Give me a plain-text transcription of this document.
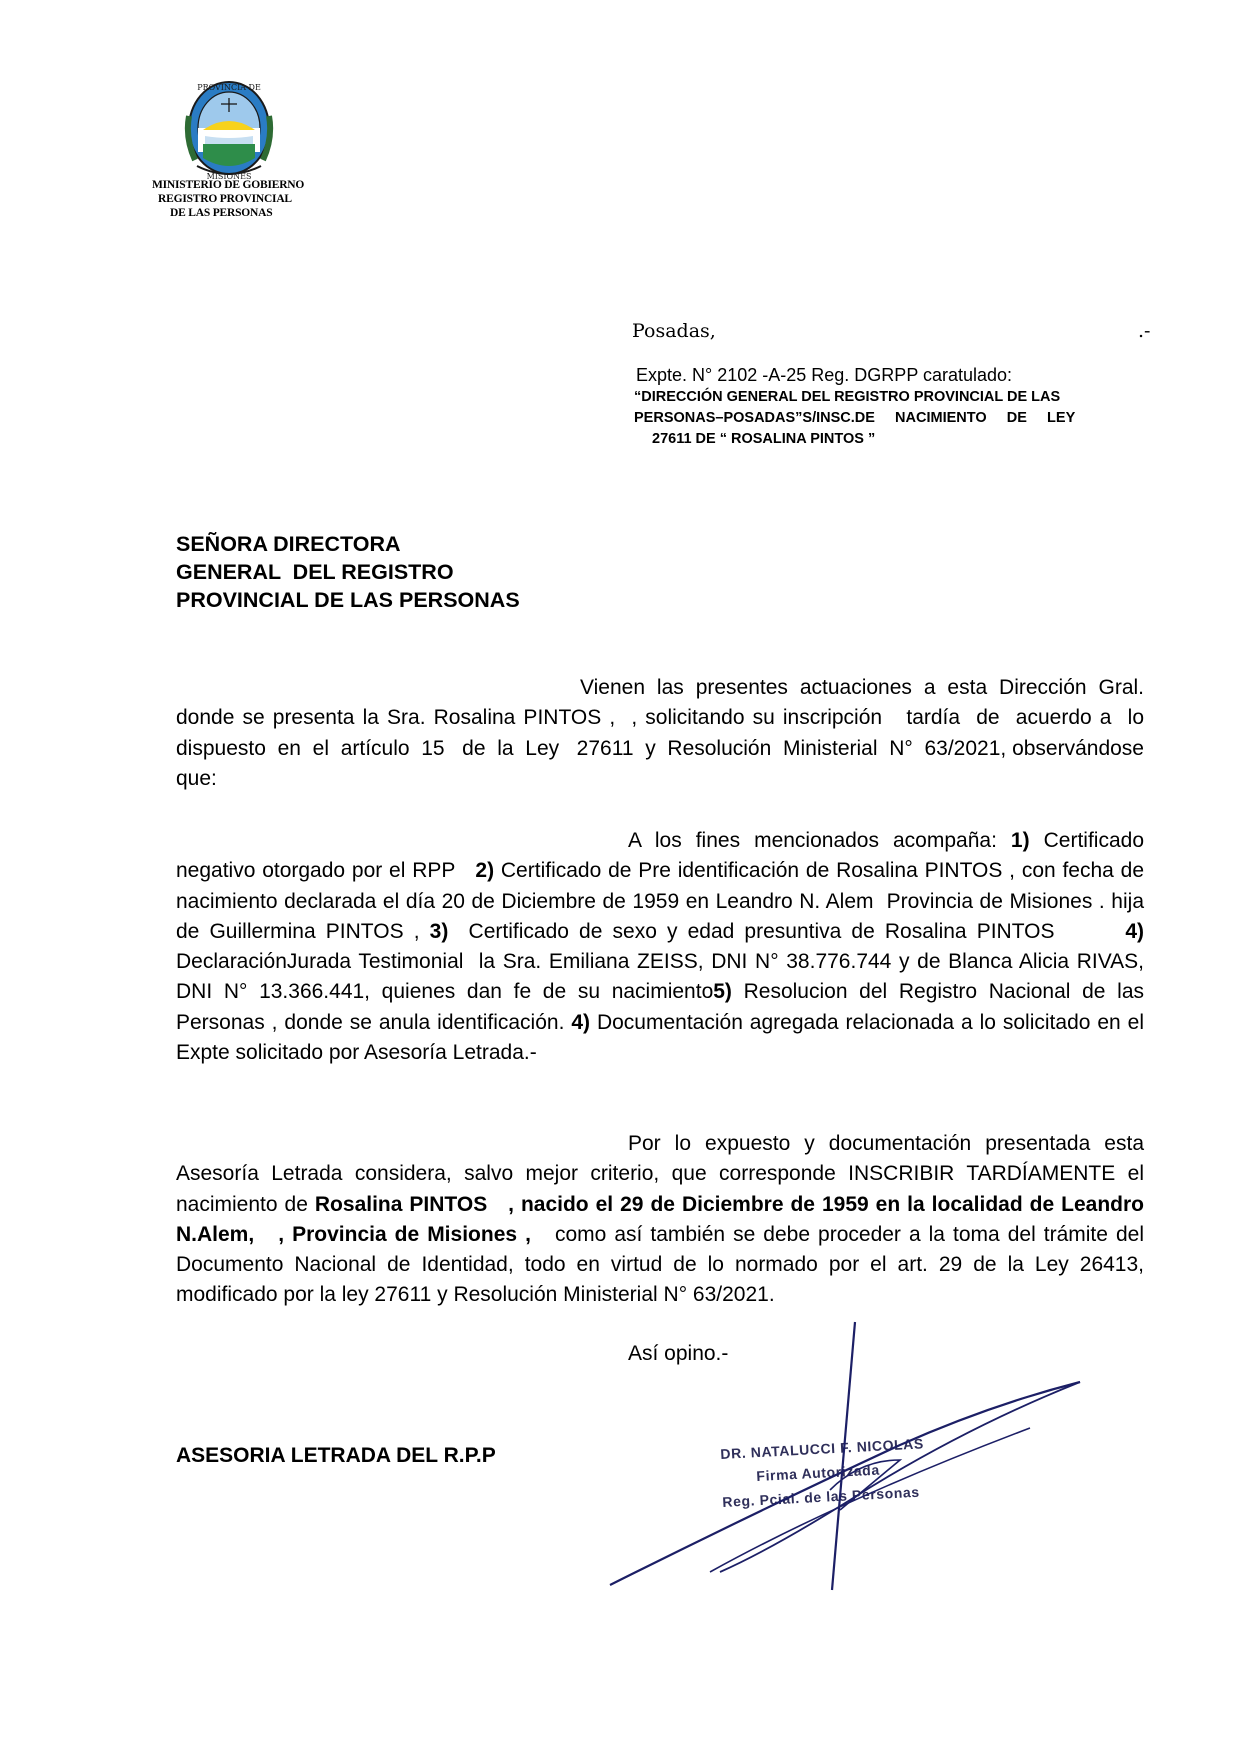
PROVINCIA DE
MISIONES
MINISTERIO DE GOBIERNO
REGISTRO PROVINCIAL
DE LAS PERSONAS
Posadas,	.-
Expte. N° 2102 -A-25 Reg. DGRPP caratulado:
“DIRECCIÓN GENERAL DEL REGISTRO PROVINCIAL DE LAS
PERSONAS–POSADAS”S/INSC.DE     NACIMIENTO     DE     LEY
27611 DE “ ROSALINA PINTOS ”
SEÑORA DIRECTORA
GENERAL  DEL REGISTRO
PROVINCIAL DE LAS PERSONAS
Vienen las presentes actuaciones a esta Dirección Gral. donde se presenta la Sra. Rosalina PINTOS ,  , solicitando su inscripción   tardía  de  acuerdo a  lo  dispuesto  en  el  artículo  15   de  la  Ley   27611  y  Resolución  Ministerial  N°  63/2021, observándose que:
A los fines mencionados acompaña: 1) Certificado negativo otorgado por el RPP   2) Certificado de Pre identificación de Rosalina PINTOS , con fecha de nacimiento declarada el día 20 de Diciembre de 1959 en Leandro N. Alem  Provincia de Misiones . hija de Guillermina PINTOS , 3)  Certificado de sexo y edad presuntiva de Rosalina PINTOS       4)   DeclaraciónJurada Testimonial  la Sra. Emiliana ZEISS, DNI N° 38.776.744 y de Blanca Alicia RIVAS, DNI N° 13.366.441, quienes dan fe de su nacimiento5) Resolucion del Registro Nacional de las Personas , donde se anula identificación. 4) Documentación agregada relacionada a lo solicitado en el Expte solicitado por Asesoría Letrada.-
Por lo expuesto y documentación presentada esta Asesoría Letrada considera, salvo mejor criterio, que corresponde INSCRIBIR TARDÍAMENTE el nacimiento de Rosalina PINTOS   , nacido el 29 de Diciembre de 1959 en la localidad de Leandro N.Alem,   , Provincia de Misiones ,   como así también se debe proceder a la toma del trámite del Documento Nacional de Identidad, todo en virtud de lo normado por el art. 29 de la Ley 26413, modificado por la ley 27611 y Resolución Ministerial N° 63/2021.
Así opino.-
ASESORIA LETRADA DEL R.P.P	DR. NATALUCCI F. NICOLAS
Firma Autorizada
Reg. Pcial. de las Personas
